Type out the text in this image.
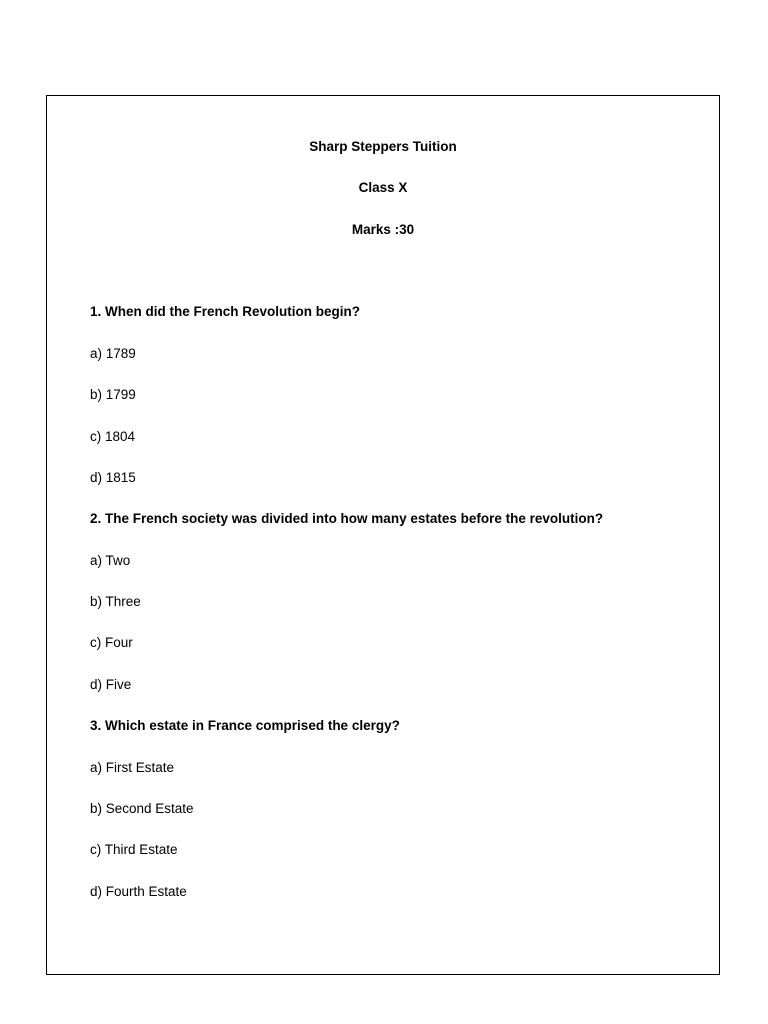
Sharp Steppers Tuition
Class X
Marks :30
1. When did the French Revolution begin?
a) 1789
b) 1799
c) 1804
d) 1815
2. The French society was divided into how many estates before the revolution?
a) Two
b) Three
c) Four
d) Five
3. Which estate in France comprised the clergy?
a) First Estate
b) Second Estate
c) Third Estate
d) Fourth Estate
